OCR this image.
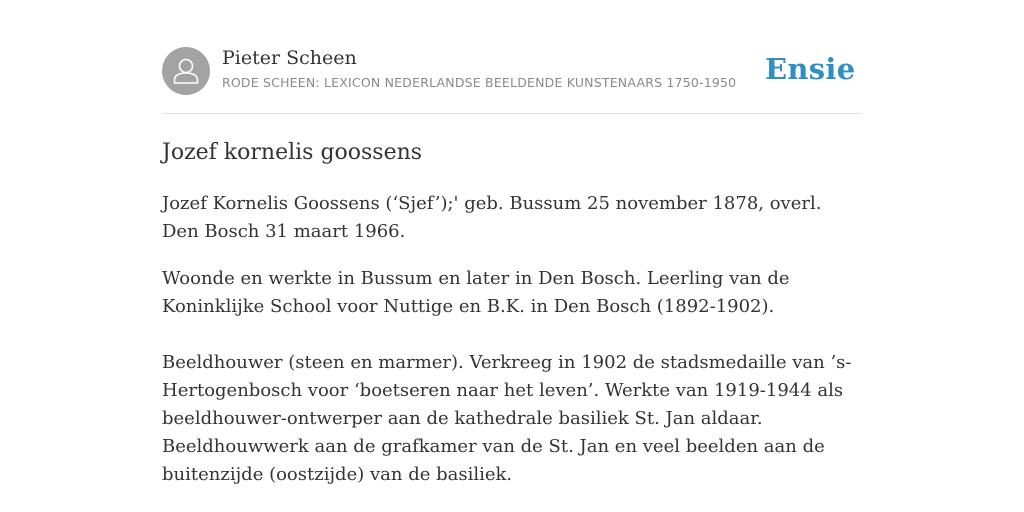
Pieter Scheen
RODE SCHEEN: LEXICON NEDERLANDSE BEELDENDE KUNSTENAARS 1750-1950 Ensie
Jozef kornelis goossens

Jozef Kornelis Goossens (‘Sjef’);' geb. Bussum 25 november 1878, overl. Den Bosch 31 maart 1966.

Woonde en werkte in Bussum en later in Den Bosch. Leerling van de Koninklijke School voor Nuttige en B.K. in Den Bosch (1892-1902).

Beeldhouwer (steen en marmer). Verkreeg in 1902 de stadsmedaille van ’s-Hertogenbosch voor ‘boetseren naar het leven’. Werkte van 1919-1944 als beeldhouwer-ontwerper aan de kathedrale basiliek St. Jan aldaar. Beeldhouwwerk aan de grafkamer van de St. Jan en veel beelden aan de buitenzijde (oostzijde) van de basiliek.
